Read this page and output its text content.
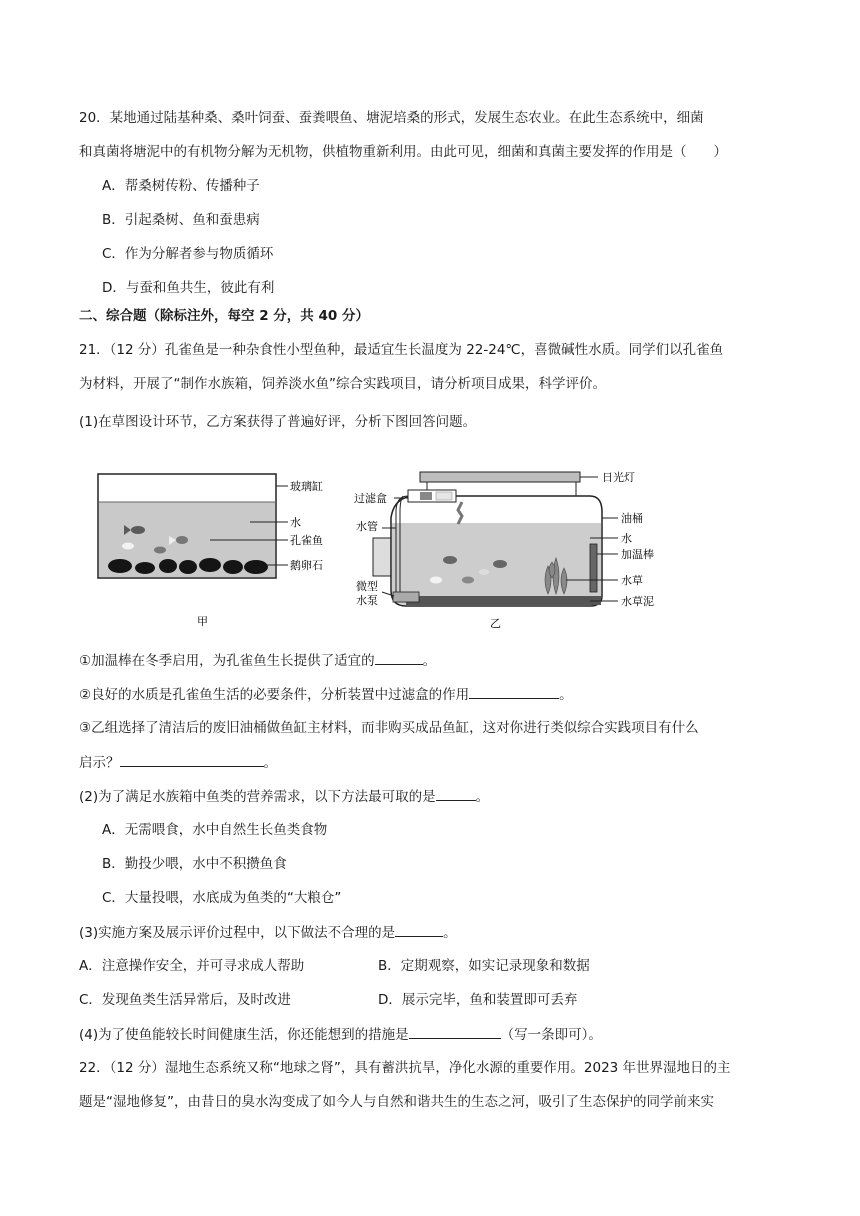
20．某地通过陆基种桑、桑叶饲蚕、蚕粪喂鱼、塘泥培桑的形式，发展生态农业。在此生态系统中，细菌
和真菌将塘泥中的有机物分解为无机物，供植物重新利用。由此可见，细菌和真菌主要发挥的作用是（　　）
A．帮桑树传粉、传播种子
B．引起桑树、鱼和蚕患病
C．作为分解者参与物质循环
D．与蚕和鱼共生，彼此有利
二、综合题（除标注外，每空 2 分，共 40 分）
21．（12 分）孔雀鱼是一种杂食性小型鱼种，最适宜生长温度为 22-24℃，喜微碱性水质。同学们以孔雀鱼
为材料，开展了“制作水族箱，饲养淡水鱼”综合实践项目，请分析项目成果，科学评价。
(1)在草图设计环节，乙方案获得了普遍好评，分析下图回答问题。
玻璃缸
水
孔雀鱼
鹅卵石
甲
日光灯
油桶
水
加温棒
水草
水草泥
过滤盒
水管
微型
水泵
乙
①加温棒在冬季启用，为孔雀鱼生长提供了适宜的	。
②良好的水质是孔雀鱼生活的必要条件，分析装置中过滤盒的作用	。
③乙组选择了清洁后的废旧油桶做鱼缸主材料，而非购买成品鱼缸，这对你进行类似综合实践项目有什么
启示？	。
(2)为了满足水族箱中鱼类的营养需求，以下方法最可取的是	。
A．无需喂食，水中自然生长鱼类食物
B．勤投少喂，水中不积攒鱼食
C．大量投喂，水底成为鱼类的“大粮仓”
(3)实施方案及展示评价过程中，以下做法不合理的是	。
A．注意操作安全，并可寻求成人帮助	B．定期观察，如实记录现象和数据
C．发现鱼类生活异常后，及时改进	D．展示完毕，鱼和装置即可丢弃
(4)为了使鱼能较长时间健康生活，你还能想到的措施是	（写一条即可）。
22．（12 分）湿地生态系统又称“地球之肾”，具有蓄洪抗旱，净化水源的重要作用。2023 年世界湿地日的主
题是“湿地修复”，由昔日的臭水沟变成了如今人与自然和谐共生的生态之河，吸引了生态保护的同学前来实
